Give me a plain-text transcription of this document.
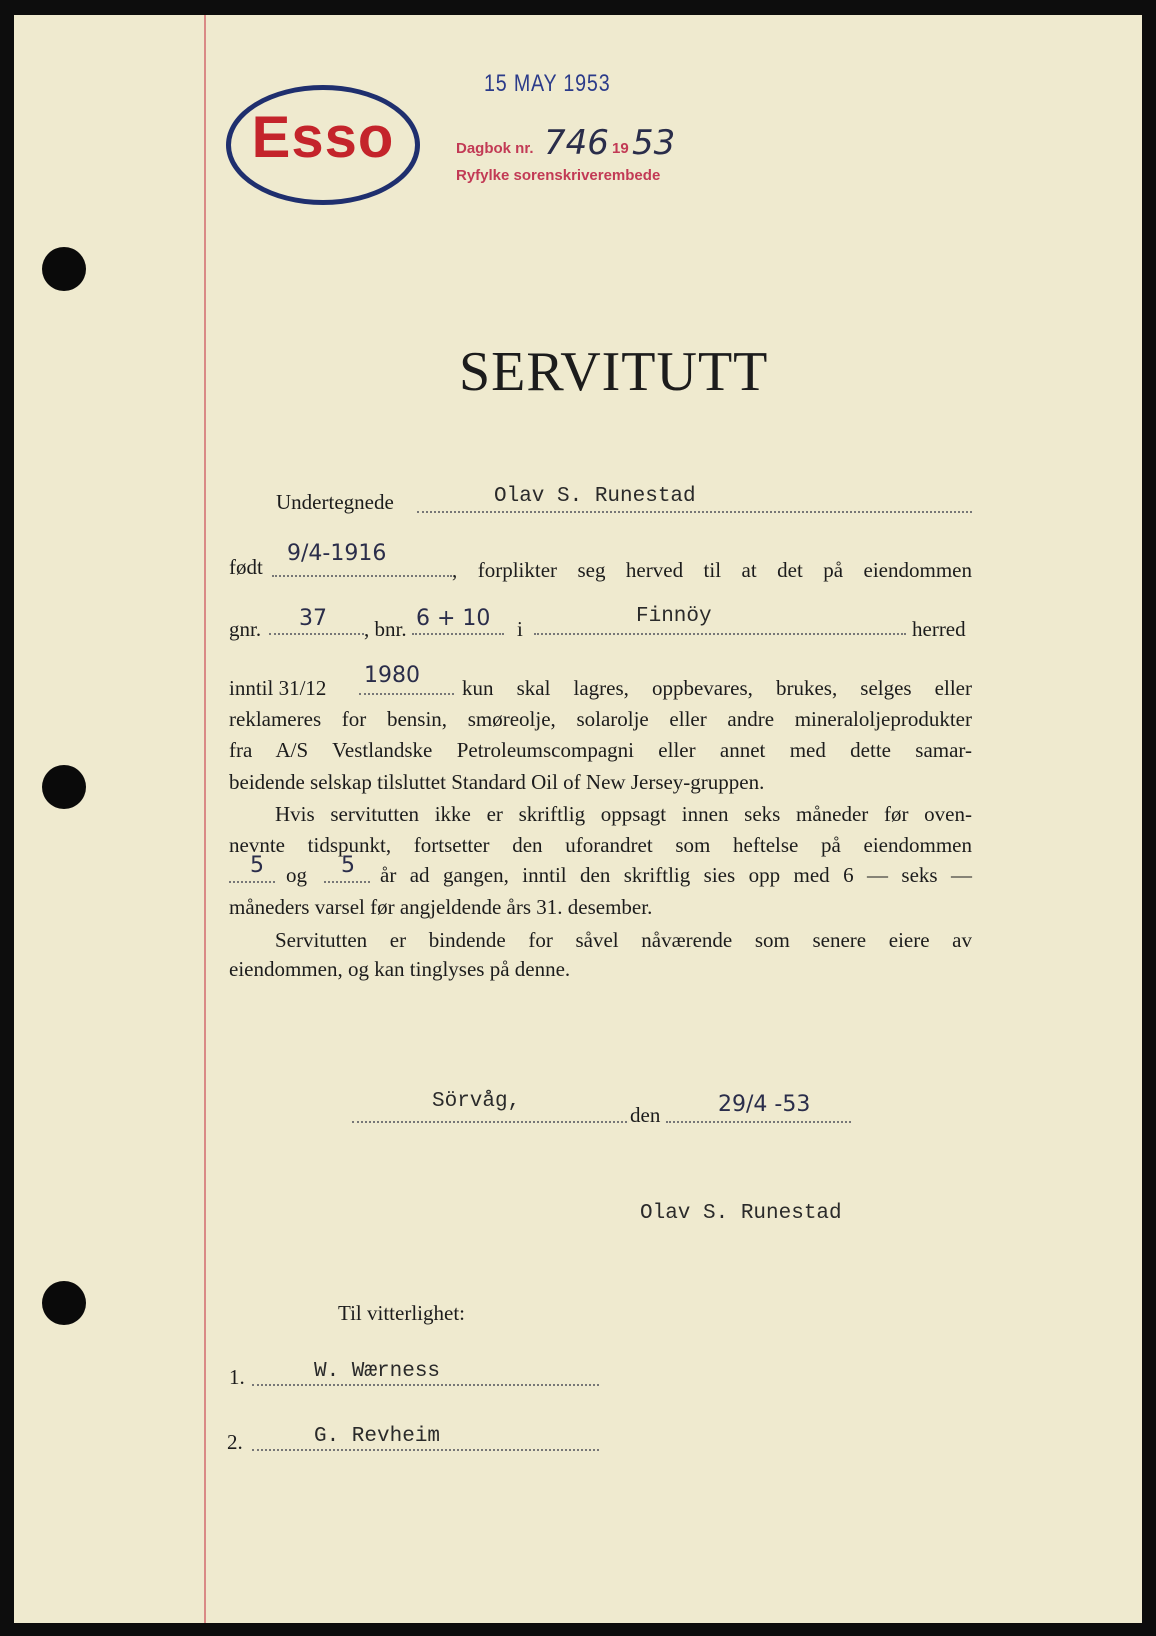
15 MAY 1953
Esso	Dagbok nr. 746 19 53
Ryfylke sorenskriverembede
SERVITUTT
Undertegnede	Olav S. Runestad
født
9/4-1916
, forplikter seg herved til at det på eiendommen
gnr. 37 , bnr. 6 + 10 i
Finnöy
herred
inntil 31/12 1980 kun skal lagres, oppbevares, brukes, selges eller
reklameres for bensin, smøreolje, solarolje eller andre mineraloljeprodukter
fra A/S Vestlandske Petroleumscompagni eller annet med dette samar-
beidende selskap tilsluttet Standard Oil of New Jersey-gruppen.
Hvis servitutten ikke er skriftlig oppsagt innen seks måneder før oven-
nevnte tidspunkt, fortsetter den uforandret som heftelse på eiendommen
5 og 5 år ad gangen, inntil den skriftlig sies opp med 6 — seks —
måneders varsel før angjeldende års 31. desember.
Servitutten er bindende for såvel nåværende som senere eiere av
eiendommen, og kan tinglyses på denne.
Sörvåg,
den	29/4 -53
Olav S. Runestad
Til vitterlighet:
1.	W. Wærness
2.	G. Revheim
